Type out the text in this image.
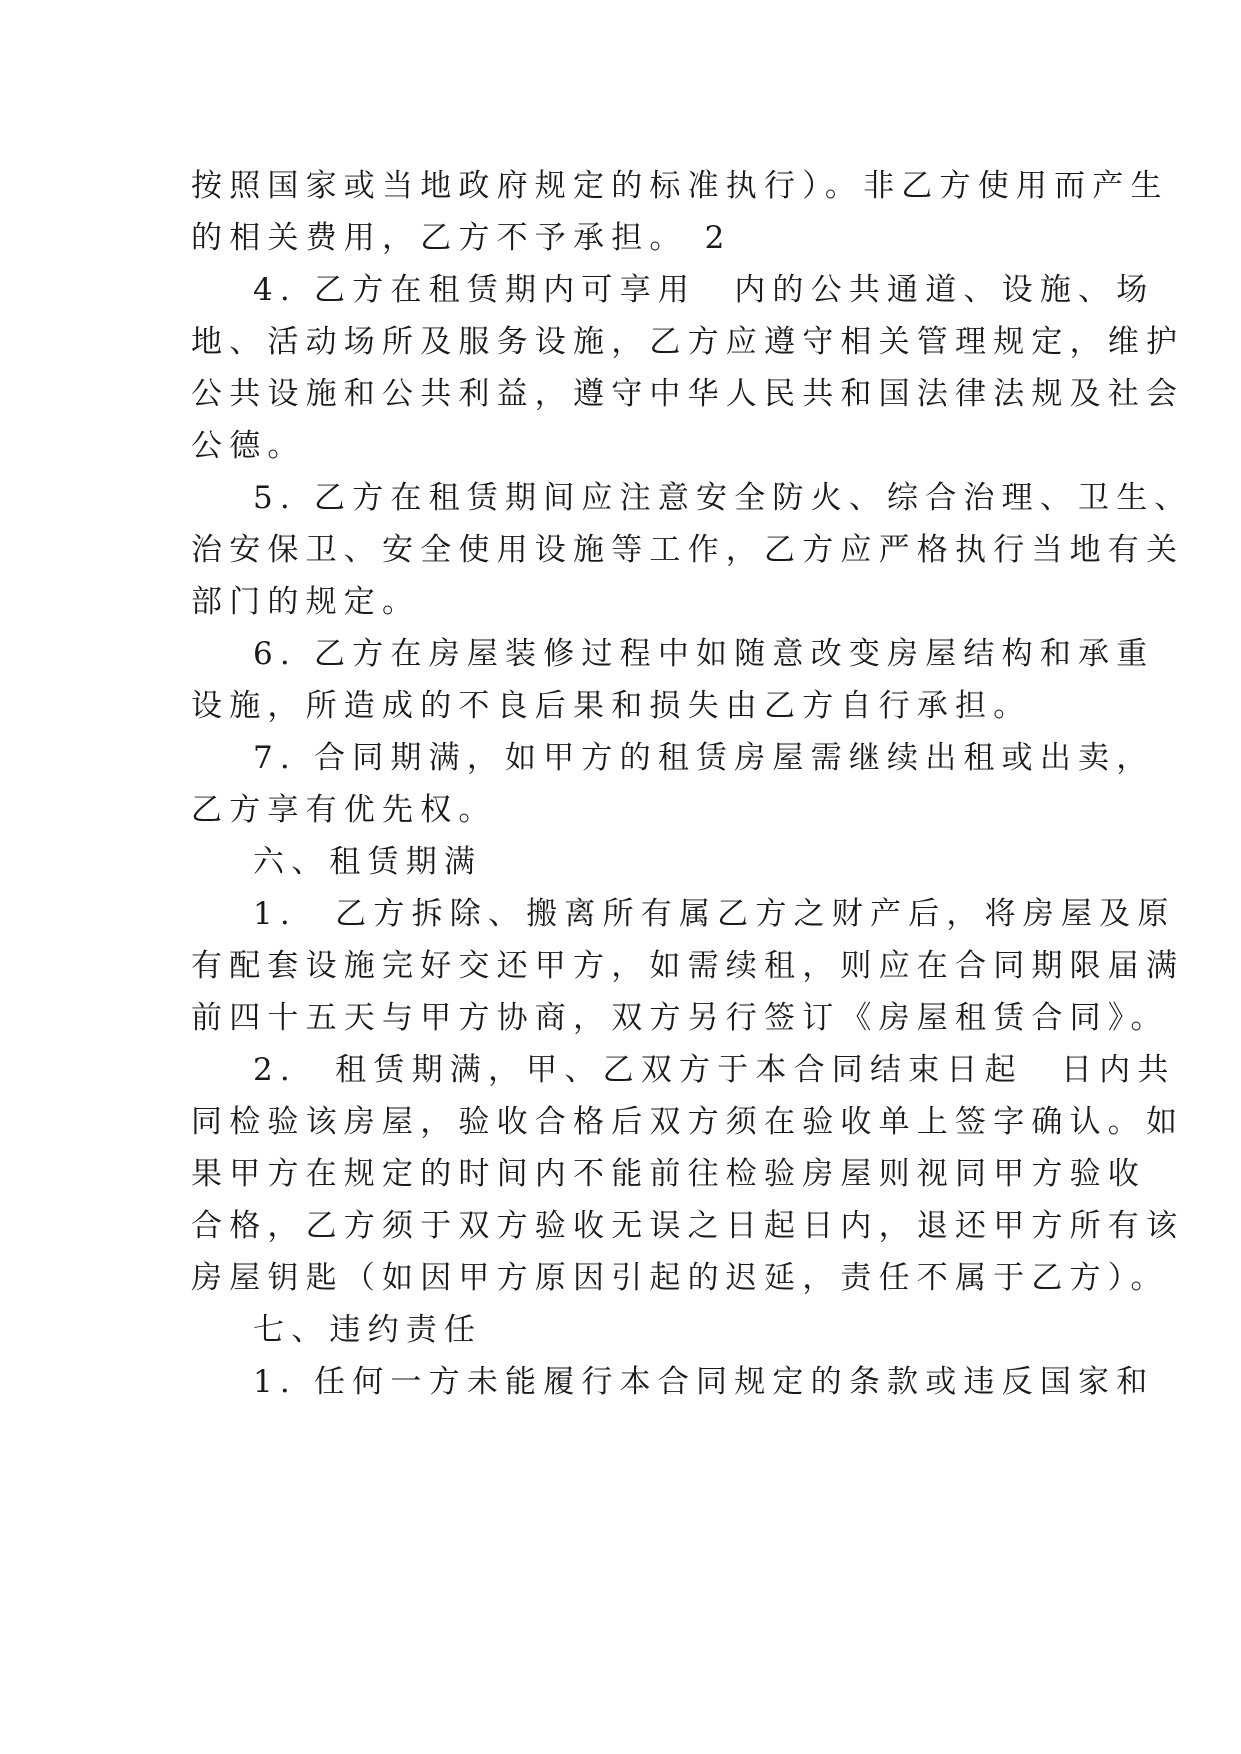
按照国家或当地政府规定的标准执行）。非乙方使用而产生
的相关费用，乙方不予承担。 2
4. 乙方在租赁期内可享用　内的公共通道、设施、场
地、活动场所及服务设施，乙方应遵守相关管理规定，维护
公共设施和公共利益，遵守中华人民共和国法律法规及社会
公德。
5. 乙方在租赁期间应注意安全防火、综合治理、卫生、
治安保卫、安全使用设施等工作，乙方应严格执行当地有关
部门的规定。
6. 乙方在房屋装修过程中如随意改变房屋结构和承重
设施，所造成的不良后果和损失由乙方自行承担。
7. 合同期满，如甲方的租赁房屋需继续出租或出卖，
乙方享有优先权。
六、租赁期满
1.　乙方拆除、搬离所有属乙方之财产后，将房屋及原
有配套设施完好交还甲方，如需续租，则应在合同期限届满
前四十五天与甲方协商，双方另行签订《房屋租赁合同》。
2.　租赁期满，甲、乙双方于本合同结束日起　日内共
同检验该房屋，验收合格后双方须在验收单上签字确认。如
果甲方在规定的时间内不能前往检验房屋则视同甲方验收
合格，乙方须于双方验收无误之日起日内，退还甲方所有该
房屋钥匙（如因甲方原因引起的迟延，责任不属于乙方）。
七、违约责任
1. 任何一方未能履行本合同规定的条款或违反国家和
